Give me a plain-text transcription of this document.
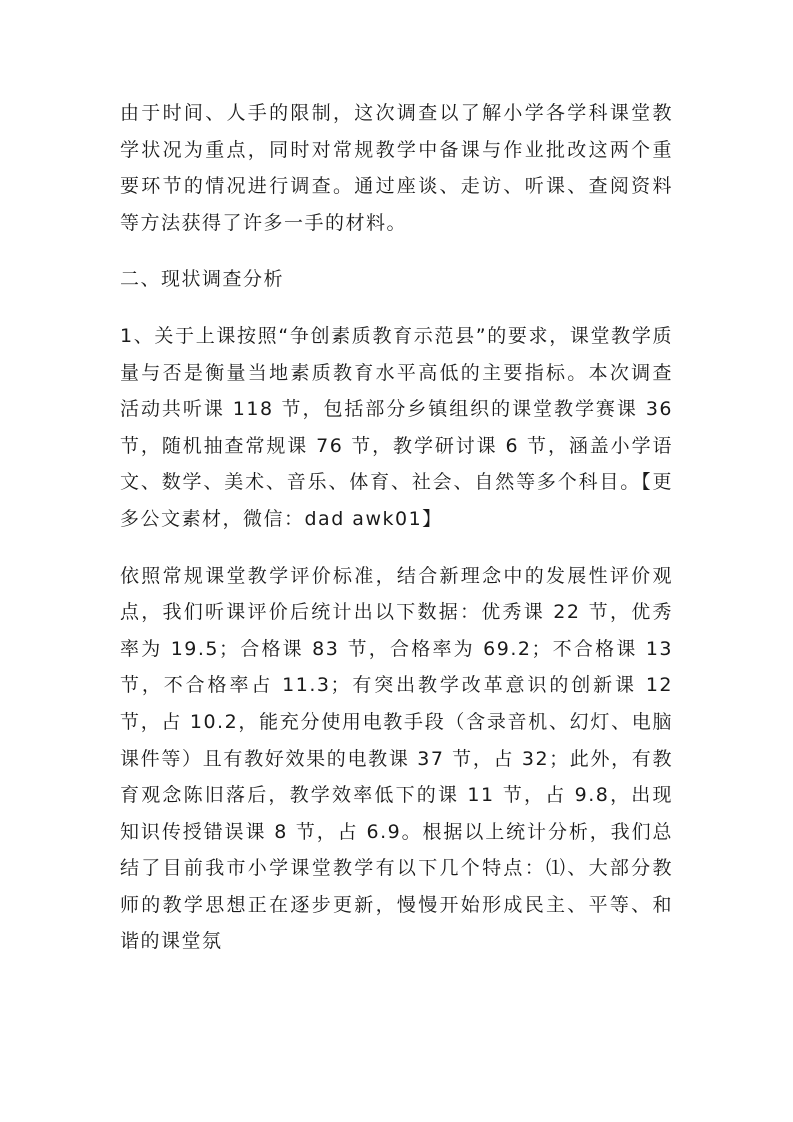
由于时间、人手的限制，这次调查以了解小学各学科课堂教学状况为重点，同时对常规教学中备课与作业批改这两个重要环节的情况进行调查。通过座谈、走访、听课、查阅资料等方法获得了许多一手的材料。

二、现状调查分析

1、关于上课按照“争创素质教育示范县”的要求，课堂教学质量与否是衡量当地素质教育水平高低的主要指标。本次调查活动共听课 118 节，包括部分乡镇组织的课堂教学赛课 36 节，随机抽查常规课 76 节，教学研讨课 6 节，涵盖小学语文、数学、美术、音乐、体育、社会、自然等多个科目。【更多公文素材，微信：dad awk01】

依照常规课堂教学评价标准，结合新理念中的发展性评价观点，我们听课评价后统计出以下数据：优秀课 22 节，优秀率为 19.5；合格课 83 节，合格率为 69.2；不合格课 13 节，不合格率占 11.3；有突出教学改革意识的创新课 12 节，占 10.2，能充分使用电教手段（含录音机、幻灯、电脑课件等）且有教好效果的电教课 37 节，占 32；此外，有教育观念陈旧落后，教学效率低下的课 11 节，占 9.8，出现知识传授错误课 8 节，占 6.9。根据以上统计分析，我们总结了目前我市小学课堂教学有以下几个特点：⑴、大部分教师的教学思想正在逐步更新，慢慢开始形成民主、平等、和谐的课堂氛
